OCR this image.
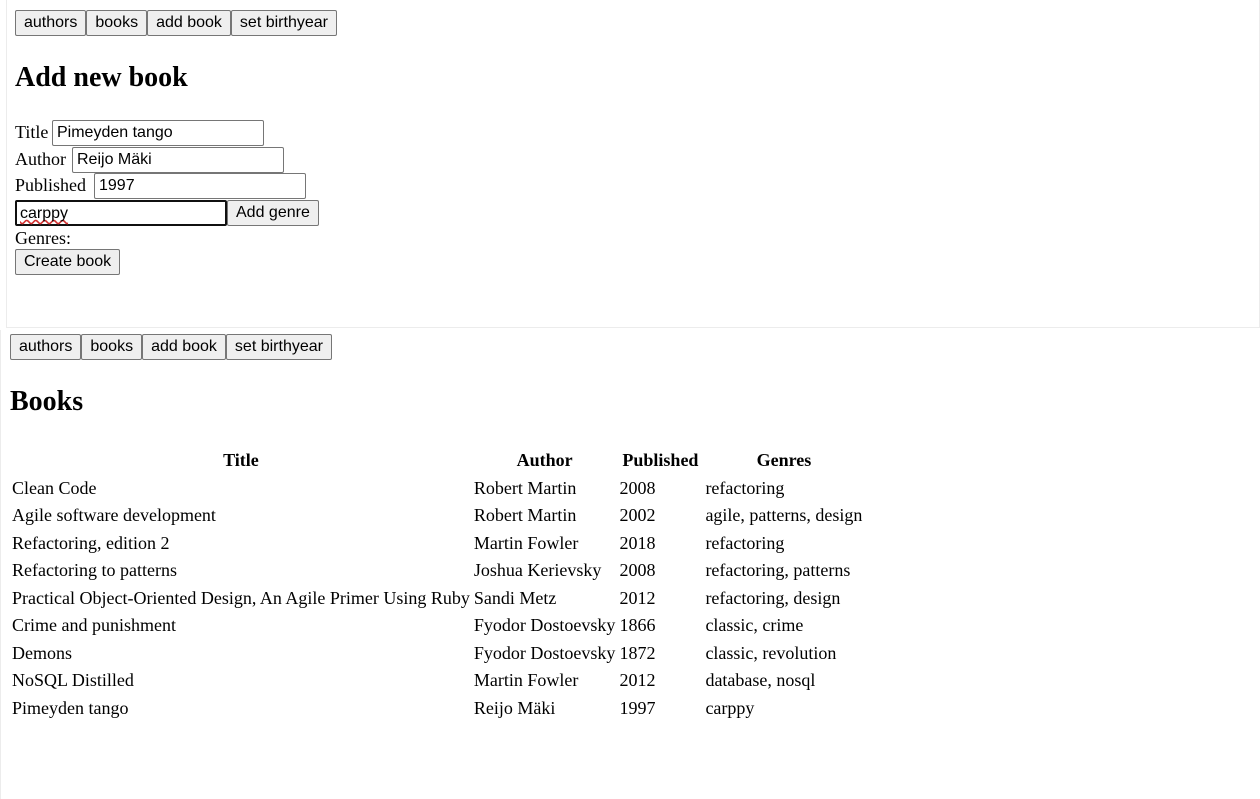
authors	books	add book	set birthyear
Add new book
Title
Pimeyden tango
Author
Reijo Mäki
Published
1997
carppy	Add genre
Genres:
Create book
authors	books	add book	set birthyear
Books
Title	Author	Published	Genres
Clean Code	Robert Martin	2008	refactoring
Agile software development	Robert Martin	2002	agile, patterns, design
Refactoring, edition 2	Martin Fowler	2018	refactoring
Refactoring to patterns	Joshua Kerievsky	2008	refactoring, patterns
Practical Object-Oriented Design, An Agile Primer Using Ruby	Sandi Metz	2012	refactoring, design
Crime and punishment	Fyodor Dostoevsky	1866	classic, crime
Demons	Fyodor Dostoevsky	1872	classic, revolution
NoSQL Distilled	Martin Fowler	2012	database, nosql
Pimeyden tango	Reijo Mäki	1997	carppy
